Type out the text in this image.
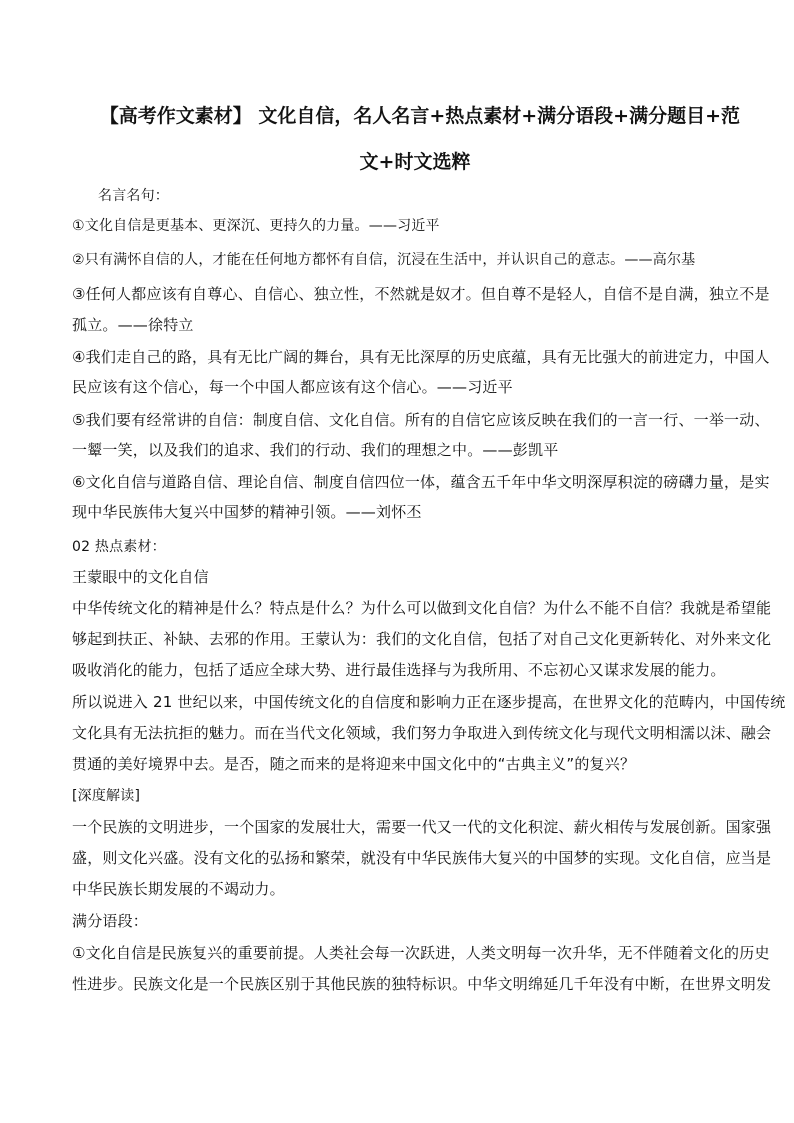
【高考作文素材】 文化自信，名人名言+热点素材+满分语段+满分题目+范
文+时文选粹
名言名句：
①文化自信是更基本、更深沉、更持久的力量。——习近平
②只有满怀自信的人，才能在任何地方都怀有自信，沉浸在生活中，并认识自己的意志。——高尔基
③任何人都应该有自尊心、自信心、独立性，不然就是奴才。但自尊不是轻人，自信不是自满，独立不是
孤立。——徐特立
④我们走自己的路，具有无比广阔的舞台，具有无比深厚的历史底蕴，具有无比强大的前进定力，中国人
民应该有这个信心，每一个中国人都应该有这个信心。——习近平
⑤我们要有经常讲的自信：制度自信、文化自信。所有的自信它应该反映在我们的一言一行、一举一动、
一颦一笑，以及我们的追求、我们的行动、我们的理想之中。——彭凯平
⑥文化自信与道路自信、理论自信、制度自信四位一体，蕴含五千年中华文明深厚积淀的磅礴力量，是实
现中华民族伟大复兴中国梦的精神引领。——刘怀丕
02 热点素材：
王蒙眼中的文化自信
中华传统文化的精神是什么？特点是什么？为什么可以做到文化自信？为什么不能不自信？我就是希望能
够起到扶正、补缺、去邪的作用。王蒙认为：我们的文化自信，包括了对自己文化更新转化、对外来文化
吸收消化的能力，包括了适应全球大势、进行最佳选择与为我所用、不忘初心又谋求发展的能力。
所以说进入 21 世纪以来，中国传统文化的自信度和影响力正在逐步提高，在世界文化的范畴内，中国传统
文化具有无法抗拒的魅力。而在当代文化领域，我们努力争取进入到传统文化与现代文明相濡以沫、融会
贯通的美好境界中去。是否，随之而来的是将迎来中国文化中的“古典主义”的复兴？
[深度解读]
一个民族的文明进步，一个国家的发展壮大，需要一代又一代的文化积淀、薪火相传与发展创新。国家强
盛，则文化兴盛。没有文化的弘扬和繁荣，就没有中华民族伟大复兴的中国梦的实现。文化自信，应当是
中华民族长期发展的不竭动力。
满分语段：
①文化自信是民族复兴的重要前提。人类社会每一次跃进，人类文明每一次升华，无不伴随着文化的历史
性进步。民族文化是一个民族区别于其他民族的独特标识。中华文明绵延几千年没有中断，在世界文明发
